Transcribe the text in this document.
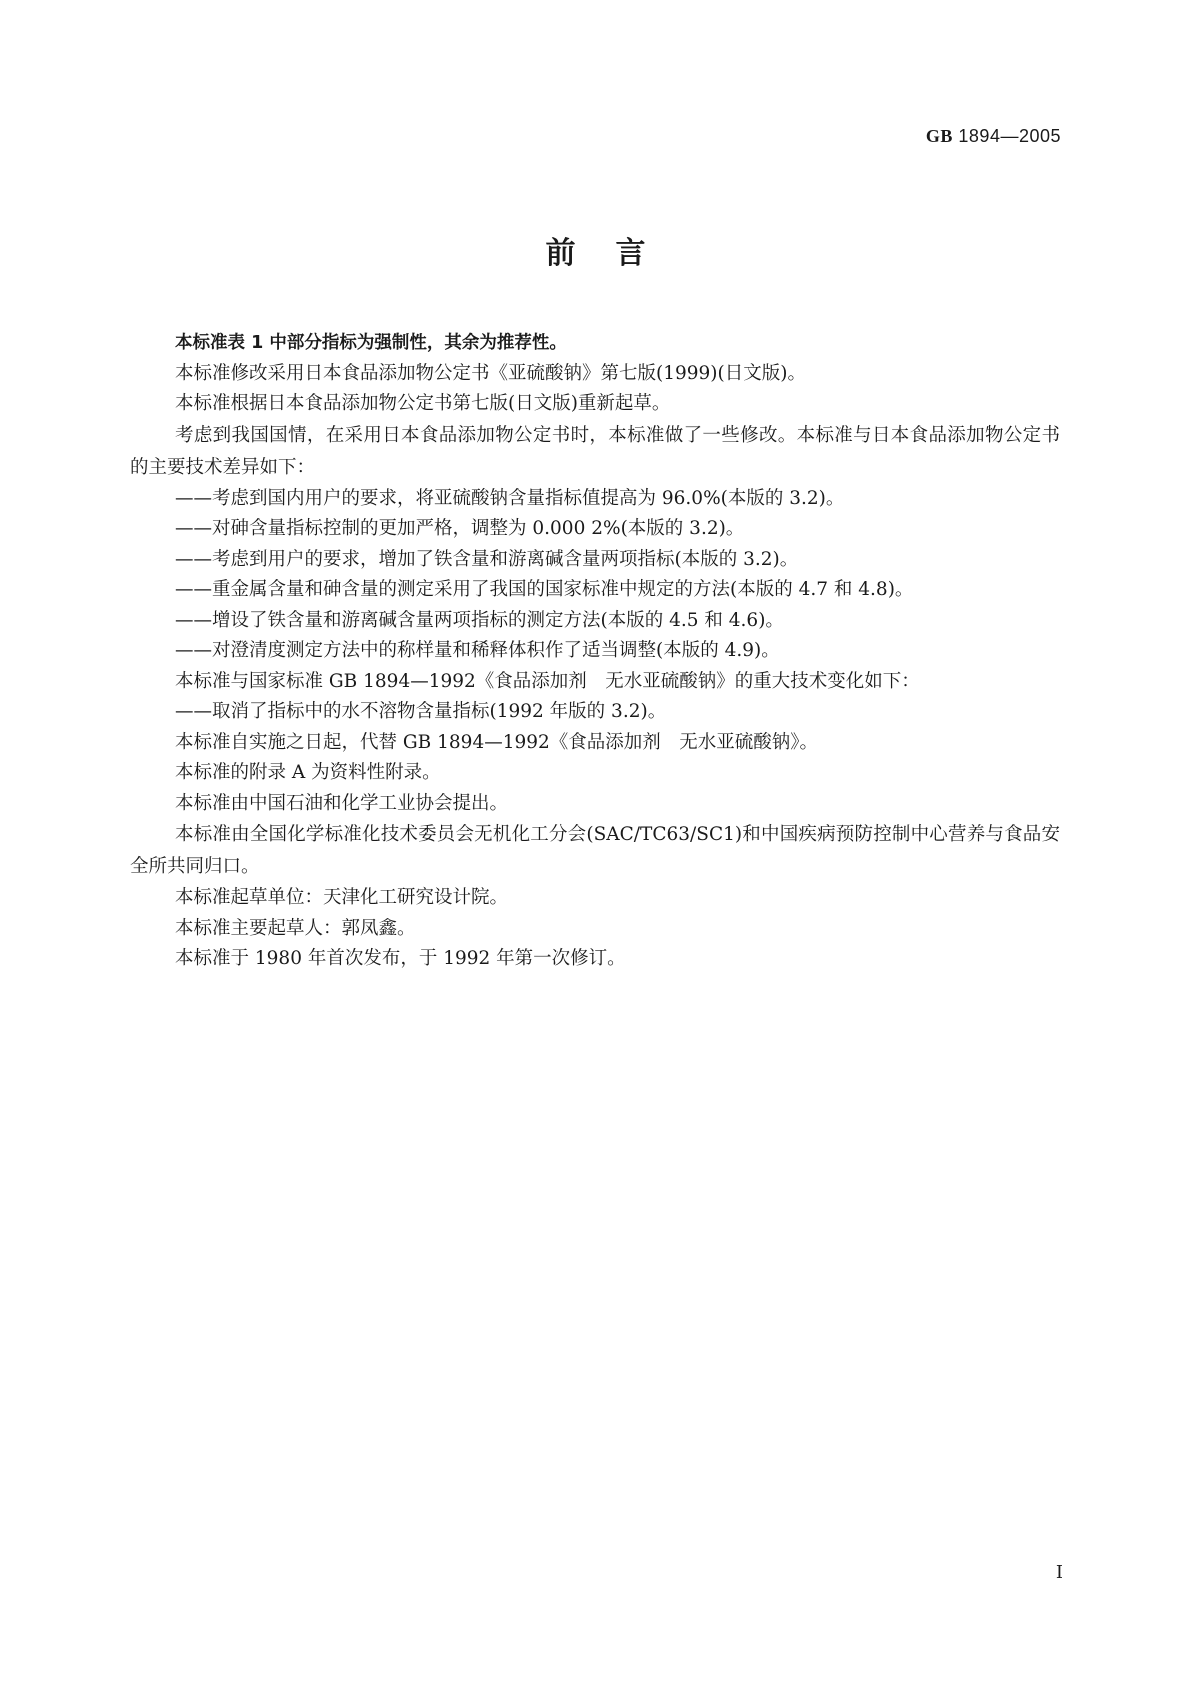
GB 1894—2005
前言

本标准表 1 中部分指标为强制性，其余为推荐性。

本标准修改采用日本食品添加物公定书《亚硫酸钠》第七版(1999)(日文版)。

本标准根据日本食品添加物公定书第七版(日文版)重新起草。

考虑到我国国情，在采用日本食品添加物公定书时，本标准做了一些修改。本标准与日本食品添加物公定书的主要技术差异如下：

——考虑到国内用户的要求，将亚硫酸钠含量指标值提高为 96.0%(本版的 3.2)。

——对砷含量指标控制的更加严格，调整为 0.000 2%(本版的 3.2)。

——考虑到用户的要求，增加了铁含量和游离碱含量两项指标(本版的 3.2)。

——重金属含量和砷含量的测定采用了我国的国家标准中规定的方法(本版的 4.7 和 4.8)。

——增设了铁含量和游离碱含量两项指标的测定方法(本版的 4.5 和 4.6)。

——对澄清度测定方法中的称样量和稀释体积作了适当调整(本版的 4.9)。

本标准与国家标准 GB 1894—1992《食品添加剂　无水亚硫酸钠》的重大技术变化如下：

——取消了指标中的水不溶物含量指标(1992 年版的 3.2)。

本标准自实施之日起，代替 GB 1894—1992《食品添加剂　无水亚硫酸钠》。

本标准的附录 A 为资料性附录。

本标准由中国石油和化学工业协会提出。

本标准由全国化学标准化技术委员会无机化工分会(SAC/TC63/SC1)和中国疾病预防控制中心营养与食品安全所共同归口。

本标准起草单位：天津化工研究设计院。

本标准主要起草人：郭凤鑫。

本标准于 1980 年首次发布，于 1992 年第一次修订。

I
